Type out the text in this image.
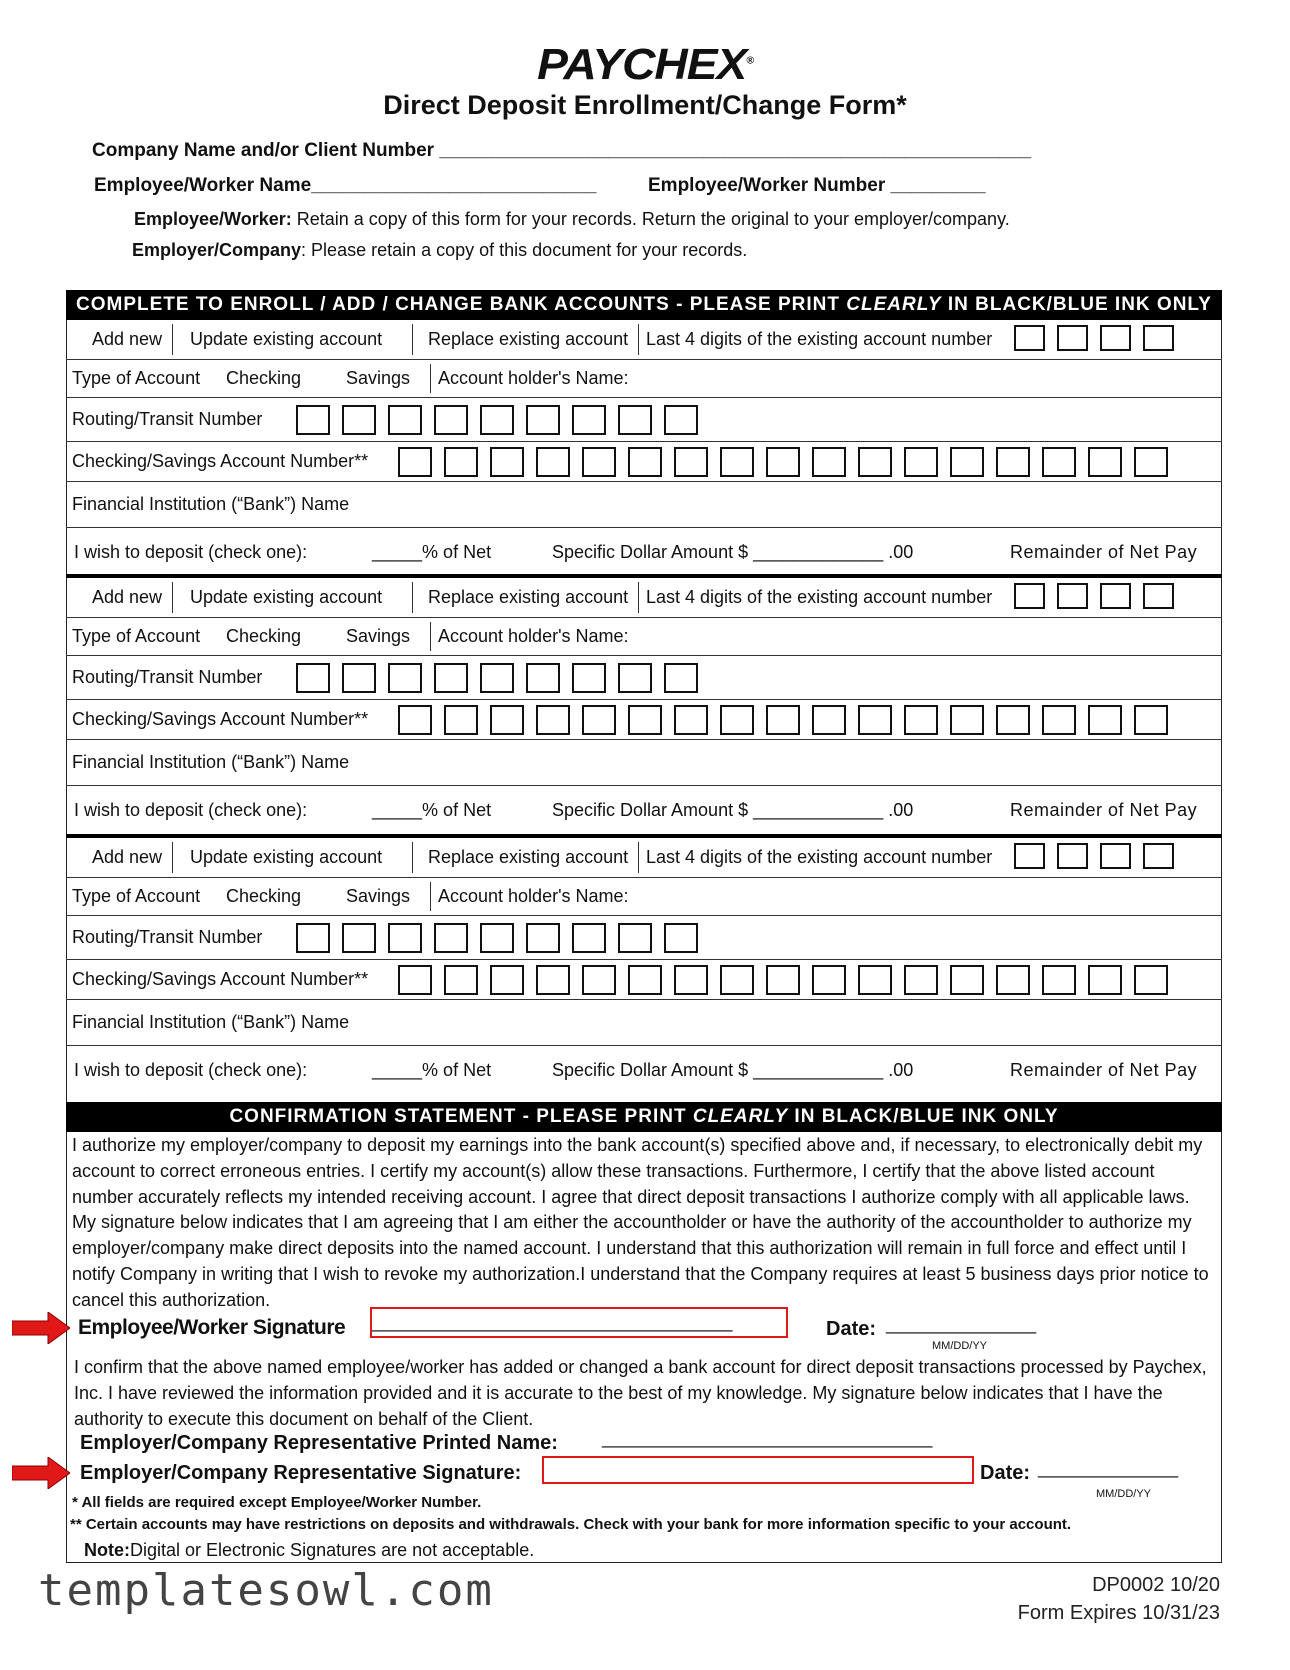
PAYCHEX®
Direct Deposit Enrollment/Change Form*
Company Name and/or Client Number ________________________________________________________
Employee/Worker Name___________________________	Employee/Worker Number _________
Employee/Worker: Retain a copy of this form for your records. Return the original to your employer/company.
Employer/Company: Please retain a copy of this document for your records.
COMPLETE TO ENROLL / ADD / CHANGE BANK ACCOUNTS - PLEASE PRINT CLEARLY IN BLACK/BLUE INK ONLY
Add new Update existing account	Replace existing account Last 4 digits of the existing account number
Type of Account Checking Savings Account holder's Name:
Routing/Transit Number
Checking/Savings Account Number**
Financial Institution (“Bank”) Name
I wish to deposit (check one):	_____% of Net	Specific Dollar Amount $ _____________ .00	Remainder of Net Pay
Add new Update existing account	Replace existing account Last 4 digits of the existing account number
Type of Account Checking Savings Account holder's Name:
Routing/Transit Number
Checking/Savings Account Number**
Financial Institution (“Bank”) Name
I wish to deposit (check one):	_____% of Net	Specific Dollar Amount $ _____________ .00	Remainder of Net Pay
Add new Update existing account	Replace existing account Last 4 digits of the existing account number
Type of Account Checking Savings Account holder's Name:
Routing/Transit Number
Checking/Savings Account Number**
Financial Institution (“Bank”) Name
I wish to deposit (check one):	_____% of Net	Specific Dollar Amount $ _____________ .00	Remainder of Net Pay
CONFIRMATION STATEMENT - PLEASE PRINT CLEARLY IN BLACK/BLUE INK ONLY
I authorize my employer/company to deposit my earnings into the bank account(s) specified above and, if necessary, to electronically debit my account to correct erroneous entries. I certify my account(s) allow these transactions. Furthermore, I certify that the above listed account number accurately reflects my intended receiving account. I agree that direct deposit transactions I authorize comply with all applicable laws. My signature below indicates that I am agreeing that I am either the accountholder or have the authority of the accountholder to authorize my employer/company make direct deposits into the named account. I understand that this authorization will remain in full force and effect until I notify Company in writing that I wish to revoke my authorization.I understand that the Company requires at least 5 business days prior notice to cancel this authorization.
Employee/Worker Signature ____________________________________	Date: _______________
MM/DD/YY
I confirm that the above named employee/worker has added or changed a bank account for direct deposit transactions processed by Paychex, Inc. I have reviewed the information provided and it is accurate to the best of my knowledge. My signature below indicates that I have the authority to execute this document on behalf of the Client.
Employer/Company Representative Printed Name: _________________________________
Employer/Company Representative Signature:	Date: ______________
MM/DD/YY
* All fields are required except Employee/Worker Number.
** Certain accounts may have restrictions on deposits and withdrawals. Check with your bank for more information specific to your account.
Note:Digital or Electronic Signatures are not acceptable.
templatesowl.com	DP0002 10/20
Form Expires 10/31/23
